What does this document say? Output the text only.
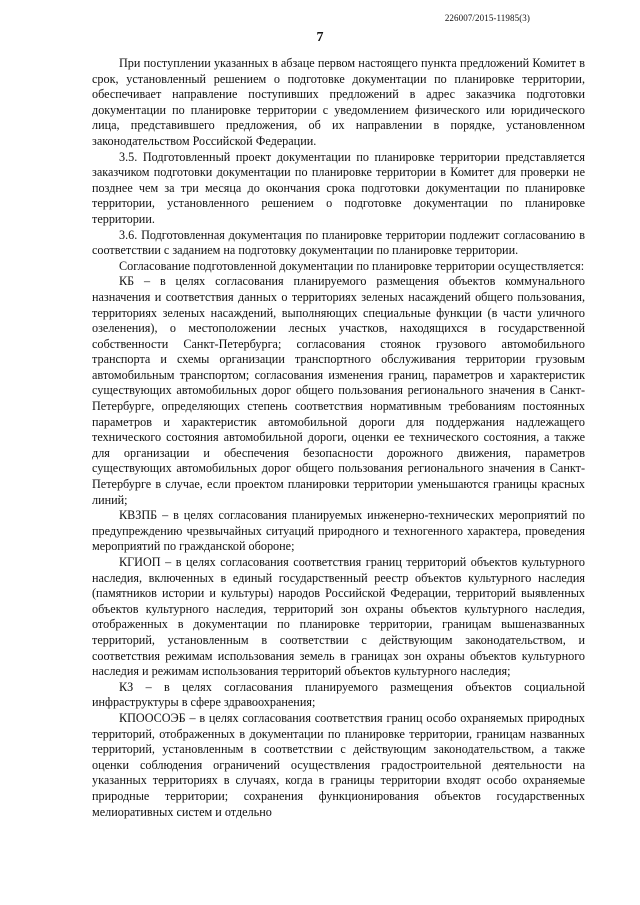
226007/2015-11985(3)
7

При поступлении указанных в абзаце первом настоящего пункта предложений Комитет в срок, установленный решением о подготовке документации по планировке территории, обеспечивает направление поступивших предложений в адрес заказчика подготовки документации по планировке территории с уведомлением физического или юридического лица, представившего предложения, об их направлении в порядке, установленном законодательством Российской Федерации.

3.5. Подготовленный проект документации по планировке территории представляется заказчиком подготовки документации по планировке территории в Комитет для проверки не позднее чем за три месяца до окончания срока подготовки документации по планировке территории, установленного решением о подготовке документации по планировке территории.

3.6. Подготовленная документация по планировке территории подлежит согласованию в соответствии с заданием на подготовку документации по планировке территории.

Согласование подготовленной документации по планировке территории осуществляется:

КБ – в целях согласования планируемого размещения объектов коммунального назначения и соответствия данных о территориях зеленых насаждений общего пользования, территориях зеленых насаждений, выполняющих специальные функции (в части уличного озеленения), о местоположении лесных участков, находящихся в государственной собственности Санкт-Петербурга; согласования стоянок грузового автомобильного транспорта и схемы организации транспортного обслуживания территории грузовым автомобильным транспортом; согласования изменения границ, параметров и характеристик существующих автомобильных дорог общего пользования регионального значения в Санкт-Петербурге, определяющих степень соответствия нормативным требованиям постоянных параметров и характеристик автомобильной дороги для поддержания надлежащего технического состояния автомобильной дороги, оценки ее технического состояния, а также для организации и обеспечения безопасности дорожного движения, параметров существующих автомобильных дорог общего пользования регионального значения в Санкт-Петербурге в случае, если проектом планировки территории уменьшаются границы красных линий;

КВЗПБ – в целях согласования планируемых инженерно-технических мероприятий по предупреждению чрезвычайных ситуаций природного и техногенного характера, проведения мероприятий по гражданской обороне;

КГИОП – в целях согласования соответствия границ территорий объектов культурного наследия, включенных в единый государственный реестр объектов культурного наследия (памятников истории и культуры) народов Российской Федерации, территорий выявленных объектов культурного наследия, территорий зон охраны объектов культурного наследия, отображенных в документации по планировке территории, границам вышеназванных территорий, установленным в соответствии с действующим законодательством, и соответствия режимам использования земель в границах зон охраны объектов культурного наследия и режимам использования территорий объектов культурного наследия;

КЗ – в целях согласования планируемого размещения объектов социальной инфраструктуры в сфере здравоохранения;

КПООСОЭБ – в целях согласования соответствия границ особо охраняемых природных территорий, отображенных в документации по планировке территории, границам названных территорий, установленным в соответствии с действующим законодательством, а также оценки соблюдения ограничений осуществления градостроительной деятельности на указанных территориях в случаях, когда в границы территории входят особо охраняемые природные территории; сохранения функционирования объектов государственных мелиоративных систем и отдельно
